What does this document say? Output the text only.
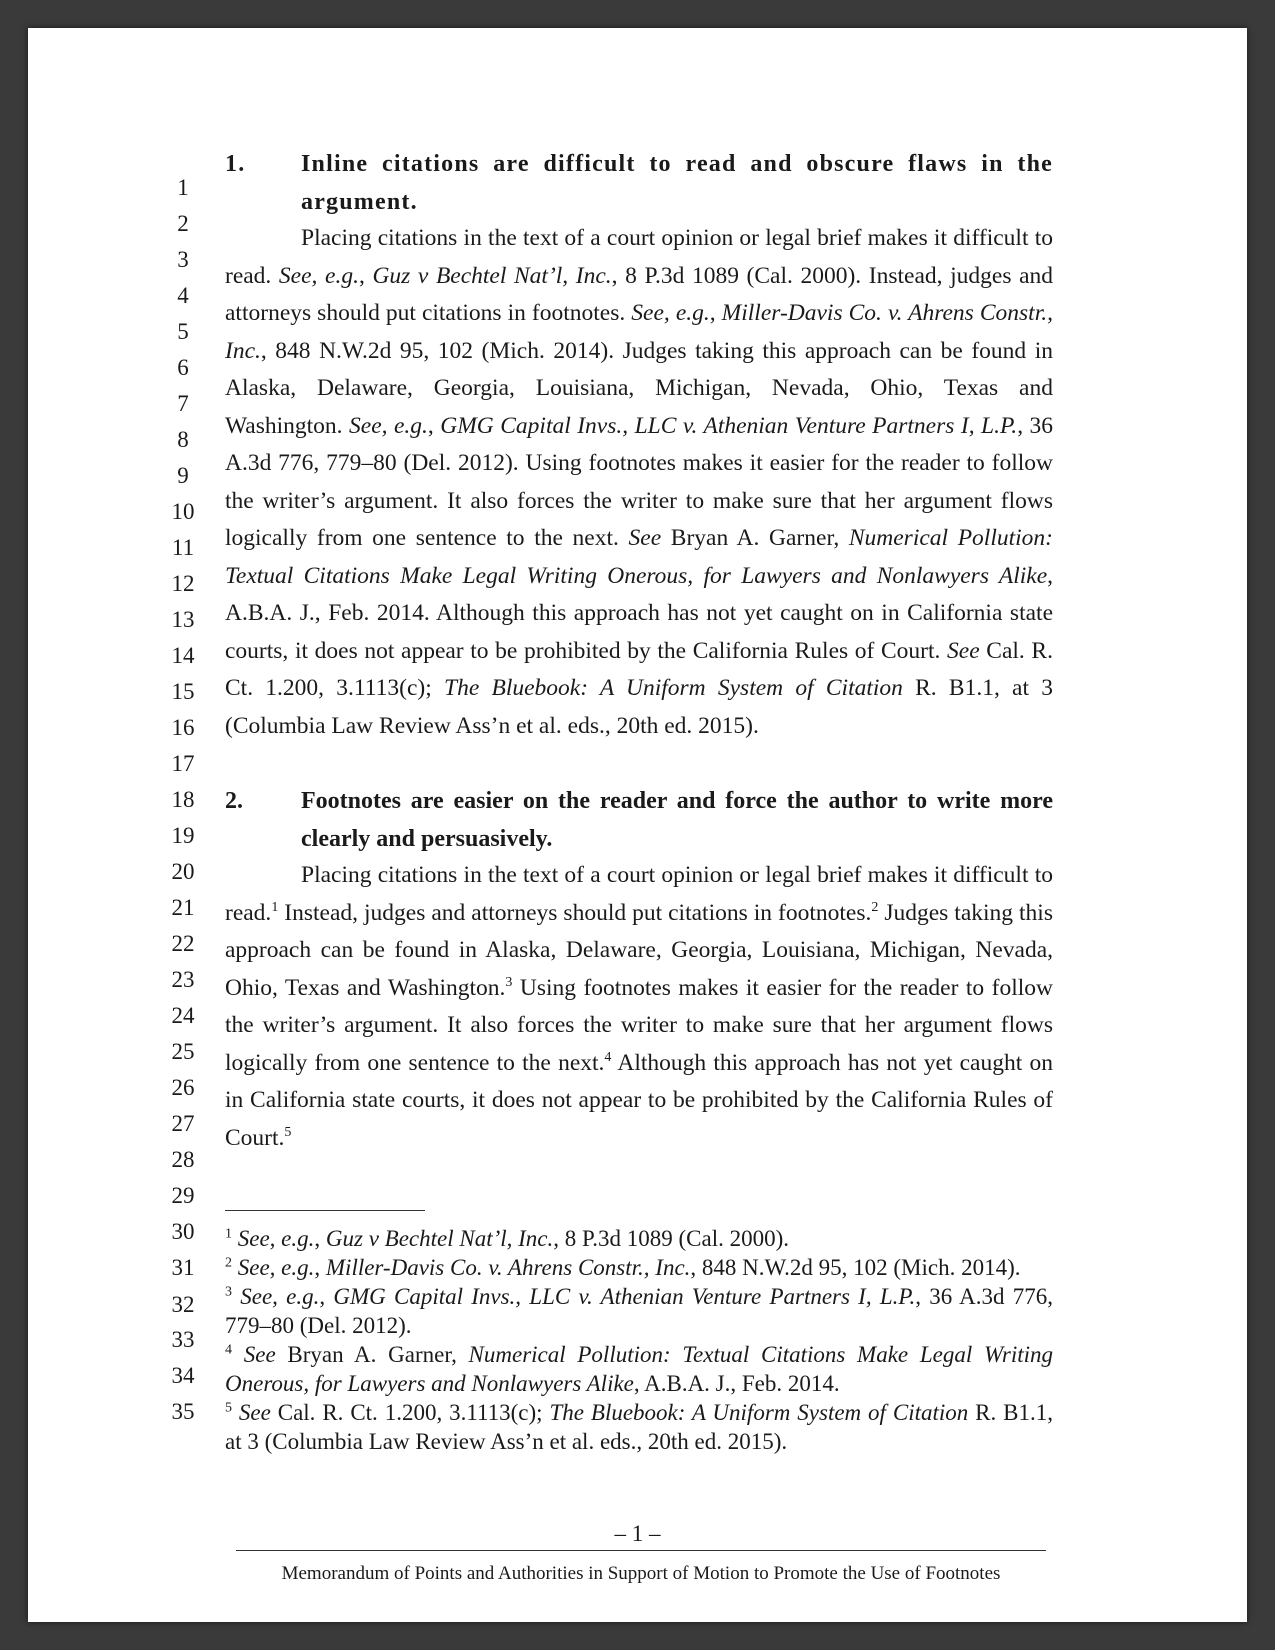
1
2
3
4
5
6
7
8
9
10
11
12
13
14
15
16
17
18
19
20
21
22
23
24
25
26
27
28
29
30
31
32
33
34
35
1. Inline citations are difficult to read and obscure flaws in the argument.

Placing citations in the text of a court opinion or legal brief makes it difficult to read. See, e.g., Guz v Bechtel Nat’l, Inc., 8 P.3d 1089 (Cal. 2000). Instead, judges and attorneys should put citations in footnotes. See, e.g., Miller-Davis Co. v. Ahrens Constr., Inc., 848 N.W.2d 95, 102 (Mich. 2014). Judges taking this approach can be found in Alaska, Delaware, Georgia, Louisiana, Michigan, Nevada, Ohio, Texas and Washington. See, e.g., GMG Capital Invs., LLC v. Athenian Venture Partners I, L.P., 36 A.3d 776, 779–80 (Del. 2012). Using footnotes makes it easier for the reader to follow the writer’s argument. It also forces the writer to make sure that her argument flows logically from one sentence to the next. See Bryan A. Garner, Numerical Pollution: Textual Citations Make Legal Writing Onerous, for Lawyers and Nonlawyers Alike, A.B.A. J., Feb. 2014. Although this approach has not yet caught on in California state courts, it does not appear to be prohibited by the California Rules of Court. See Cal. R. Ct. 1.200, 3.1113(c); The Bluebook: A Uniform System of Citation R. B1.1, at 3 (Columbia Law Review Ass’n et al. eds., 20th ed. 2015).

2. Footnotes are easier on the reader and force the author to write more clearly and persuasively.

Placing citations in the text of a court opinion or legal brief makes it difficult to read.$^1$ Instead, judges and attorneys should put citations in footnotes.$^2$ Judges taking this approach can be found in Alaska, Delaware, Georgia, Louisiana, Michigan, Nevada, Ohio, Texas and Washington.$^3$ Using footnotes makes it easier for the reader to follow the writer’s argument. It also forces the writer to make sure that her argument flows logically from one sentence to the next.$^4$ Although this approach has not yet caught on in California state courts, it does not appear to be prohibited by the California Rules of Court.$^5$

$^1$ See, e.g., Guz v Bechtel Nat’l, Inc., 8 P.3d 1089 (Cal. 2000).
$^2$ See, e.g., Miller-Davis Co. v. Ahrens Constr., Inc., 848 N.W.2d 95, 102 (Mich. 2014).
$^3$ See, e.g., GMG Capital Invs., LLC v. Athenian Venture Partners I, L.P., 36 A.3d 776, 779–80 (Del. 2012).
$^4$ See Bryan A. Garner, Numerical Pollution: Textual Citations Make Legal Writing Onerous, for Lawyers and Nonlawyers Alike, A.B.A. J., Feb. 2014.
$^5$ See Cal. R. Ct. 1.200, 3.1113(c); The Bluebook: A Uniform System of Citation R. B1.1, at 3 (Columbia Law Review Ass’n et al. eds., 20th ed. 2015).
– 1 –
Memorandum of Points and Authorities in Support of Motion to Promote the Use of Footnotes
